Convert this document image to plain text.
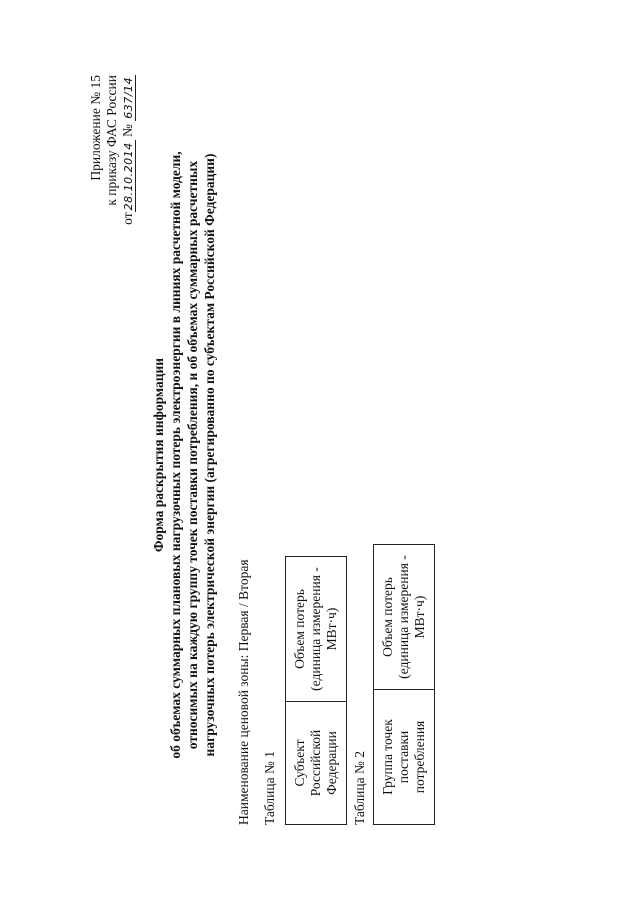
Приложение № 15 к приказу ФАС России
от28.10.2014 № 637/14
Форма раскрытия информации об объемах суммарных плановых нагрузочных потерь электроэнергии в линиях расчетной модели, относимых на каждую группу точек поставки потребления, и об объемах суммарных расчетных нагрузочных потерь электрической энергии (агрегированно по субъектам Российской Федерации) Наименование ценовой зоны: Первая / Вторая Таблица № 1 Субъект Российской Федерации	Объем потерь (единица измерения - МВт·ч)
Таблица № 2 Группа точек поставки потребления	Объем потерь (единица измерения - МВт·ч)
